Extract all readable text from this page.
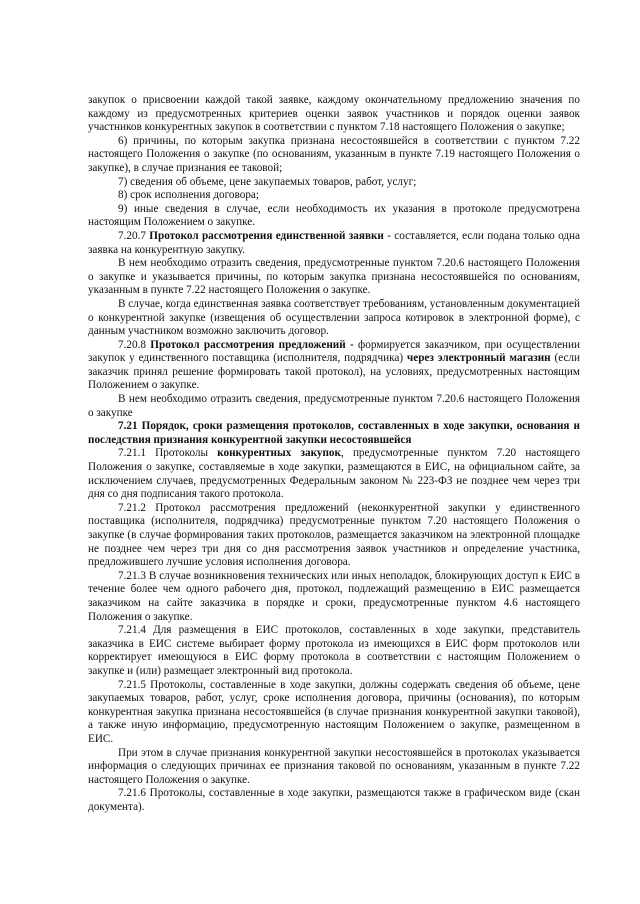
закупок о присвоении каждой такой заявке, каждому окончательному предложению значения по каждому из предусмотренных критериев оценки заявок участников и порядок оценки заявок участников конкурентных закупок в соответствии с пунктом 7.18 настоящего Положения о закупке;

6) причины, по которым закупка признана несостоявшейся в соответствии с пунктом 7.22 настоящего Положения о закупке (по основаниям, указанным в пункте 7.19 настоящего Положения о закупке), в случае признания ее таковой;

7) сведения об объеме, цене закупаемых товаров, работ, услуг;

8) срок исполнения договора;

9) иные сведения в случае, если необходимость их указания в протоколе предусмотрена настоящим Положением о закупке.

7.20.7 Протокол рассмотрения единственной заявки - составляется, если подана только одна заявка на конкурентную закупку.

В нем необходимо отразить сведения, предусмотренные пунктом 7.20.6 настоящего Положения о закупке и указывается причины, по которым закупка признана несостоявшейся по основаниям, указанным в пункте 7.22 настоящего Положения о закупке.

В случае, когда единственная заявка соответствует требованиям, установленным документацией о конкурентной закупке (извещения об осуществлении запроса котировок в электронной форме), с данным участником возможно заключить договор.

7.20.8 Протокол рассмотрения предложений - формируется заказчиком, при осуществлении закупок у единственного поставщика (исполнителя, подрядчика) через электронный магазин (если заказчик принял решение формировать такой протокол), на условиях, предусмотренных настоящим Положением о закупке.

В нем необходимо отразить сведения, предусмотренные пунктом 7.20.6 настоящего Положения о закупке

7.21 Порядок, сроки размещения протоколов, составленных в ходе закупки, основания и последствия признания конкурентной закупки несостоявшейся

7.21.1 Протоколы конкурентных закупок, предусмотренные пунктом 7.20 настоящего Положения о закупке, составляемые в ходе закупки, размещаются в ЕИС, на официальном сайте, за исключением случаев, предусмотренных Федеральным законом № 223-ФЗ не позднее чем через три дня со дня подписания такого протокола.

7.21.2 Протокол рассмотрения предложений (неконкурентной закупки у единственного поставщика (исполнителя, подрядчика) предусмотренные пунктом 7.20 настоящего Положения о закупке (в случае формирования таких протоколов, размещается заказчиком на электронной площадке не позднее чем через три дня со дня рассмотрения заявок участников и определение участника, предложившего лучшие условия исполнения договора.

7.21.3 В случае возникновения технических или иных неполадок, блокирующих доступ к ЕИС в течение более чем одного рабочего дня, протокол, подлежащий размещению в ЕИС размещается заказчиком на сайте заказчика в порядке и сроки, предусмотренные пунктом 4.6 настоящего Положения о закупке.

7.21.4 Для размещения в ЕИС протоколов, составленных в ходе закупки, представитель заказчика в ЕИС системе выбирает форму протокола из имеющихся в ЕИС форм протоколов или корректирует имеющуюся в ЕИС форму протокола в соответствии с настоящим Положением о закупке и (или) размещает электронный вид протокола.

7.21.5 Протоколы, составленные в ходе закупки, должны содержать сведения об объеме, цене закупаемых товаров, работ, услуг, сроке исполнения договора, причины (основания), по которым конкурентная закупка признана несостоявшейся (в случае признания конкурентной закупки таковой), а также иную информацию, предусмотренную настоящим Положением о закупке, размещенном в ЕИС.

При этом в случае признания конкурентной закупки несостоявшейся в протоколах указывается информация о следующих причинах ее признания таковой по основаниям, указанным в пункте 7.22 настоящего Положения о закупке.

7.21.6 Протоколы, составленные в ходе закупки, размещаются также в графическом виде (скан документа).
